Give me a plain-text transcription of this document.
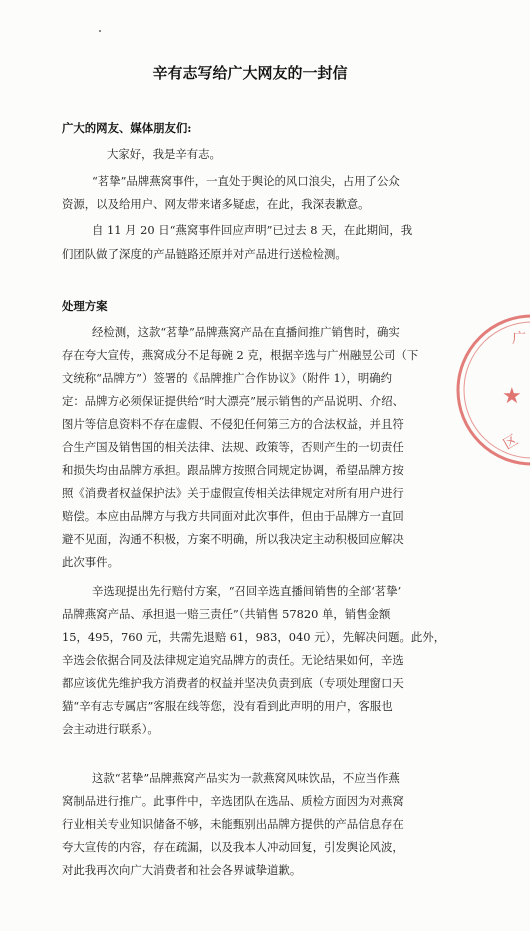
辛有志写给广大网友的一封信
广大的网友、媒体朋友们:
大家好，我是辛有志。
“茗挚”品牌燕窝事件，一直处于舆论的风口浪尖，占用了公众
资源，以及给用户、网友带来诸多疑虑，在此，我深表歉意。
自 11 月 20 日“燕窝事件回应声明”已过去 8 天，在此期间，我
们团队做了深度的产品链路还原并对产品进行送检检测。
处理方案
经检测，这款“茗挚”品牌燕窝产品在直播间推广销售时，确实
存在夸大宣传，燕窝成分不足每碗 2 克，根据辛选与广州融昱公司（下
文统称“品牌方”）签署的《品牌推广合作协议》（附件 1），明确约
定：品牌方必须保证提供给“时大漂亮”展示销售的产品说明、介绍、
图片等信息资料不存在虚假、不侵犯任何第三方的合法权益，并且符
合生产国及销售国的相关法律、法规、政策等，否则产生的一切责任
和损失均由品牌方承担。跟品牌方按照合同规定协调，希望品牌方按
照《消费者权益保护法》关于虚假宣传相关法律规定对所有用户进行
赔偿。本应由品牌方与我方共同面对此次事件，但由于品牌方一直回
避不见面，沟通不积极，方案不明确，所以我决定主动积极回应解决
此次事件。
辛选现提出先行赔付方案，“召回辛选直播间销售的全部‘茗挚’
品牌燕窝产品、承担退一赔三责任”（共销售 57820 单，销售金额
15，495，760 元，共需先退赔 61，983，040 元），先解决问题。此外，
辛选会依据合同及法律规定追究品牌方的责任。无论结果如何，辛选
都应该优先维护我方消费者的权益并坚决负责到底（专项处理窗口天
猫“辛有志专属店”客服在线等您，没有看到此声明的用户，客服也
会主动进行联系）。
这款“茗挚”品牌燕窝产品实为一款燕窝风味饮品，不应当作燕
窝制品进行推广。此事件中，辛选团队在选品、质检方面因为对燕窝
行业相关专业知识储备不够，未能甄别出品牌方提供的产品信息存在
夸大宣传的内容，存在疏漏，以及我本人冲动回复，引发舆论风波，
对此我再次向广大消费者和社会各界诚挚道歉。
广
★
区
